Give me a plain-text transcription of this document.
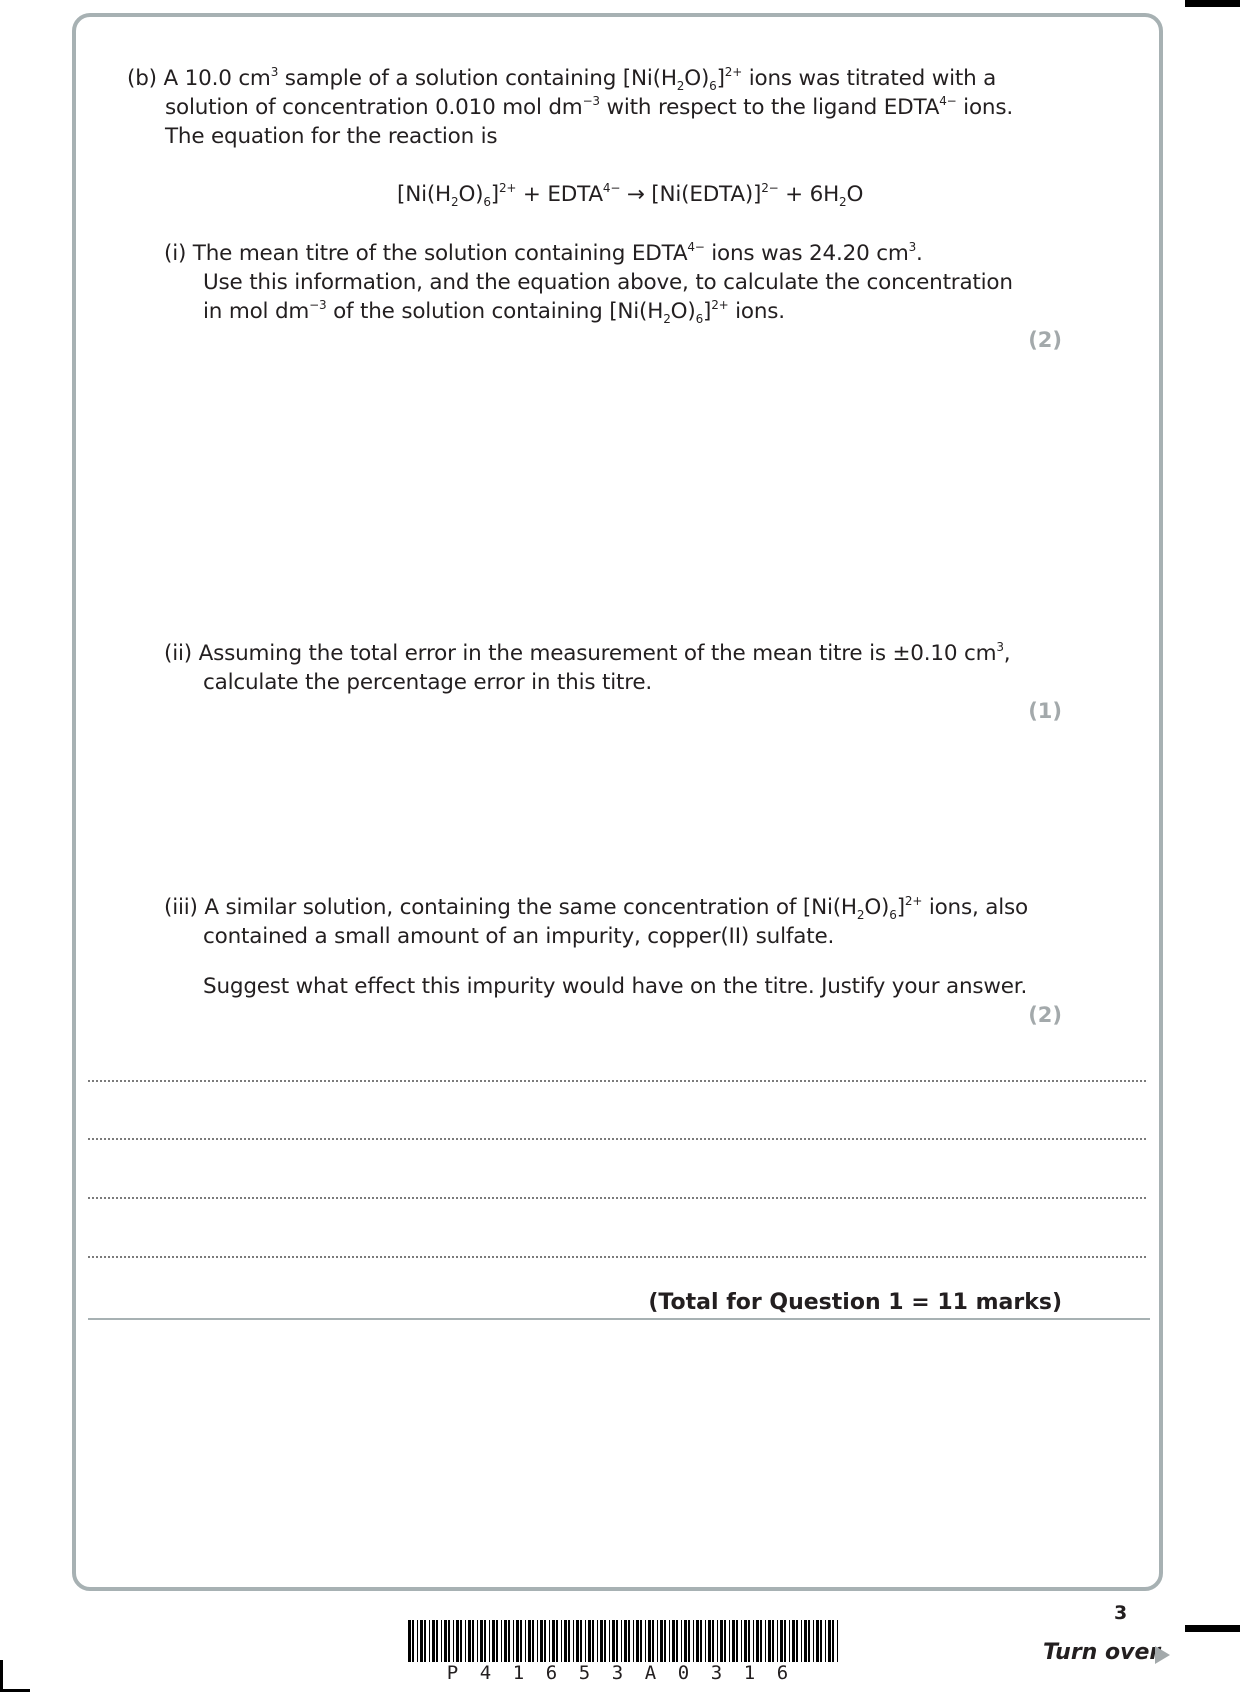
(b) A 10.0 $cm^3$ sample of a solution containing $[Ni(H_2O)_6]^{2+}$ ions was titrated with a
solution of concentration 0.010 mol $dm^{-3}$ with respect to the ligand $EDTA^{4-}$ ions.
The equation for the reaction is
$[Ni(H_2O)_6]^{2+}$ + $EDTA^{4-}$ → [Ni(EDTA)]$^{2-}$ + $6H_2O$
(i) The mean titre of the solution containing $EDTA^{4-}$ ions was 24.20 $cm^3$.
Use this information, and the equation above, to calculate the concentration
in mol $dm^{-3}$ of the solution containing $[Ni(H_2O)_6]^{2+}$ ions.
(2)
(ii) Assuming the total error in the measurement of the mean titre is ±0.10 $cm^3$,
calculate the percentage error in this titre.
(1)
(iii) A similar solution, containing the same concentration of $[Ni(H_2O)_6]^{2+}$ ions, also
contained a small amount of an impurity, copper(II) sulfate.
Suggest what effect this impurity would have on the titre. Justify your answer.
(2)
(Total for Question 1 = 11 marks)
P 4 1 6 5 3 A 0 3 1 6
3
Turn over
